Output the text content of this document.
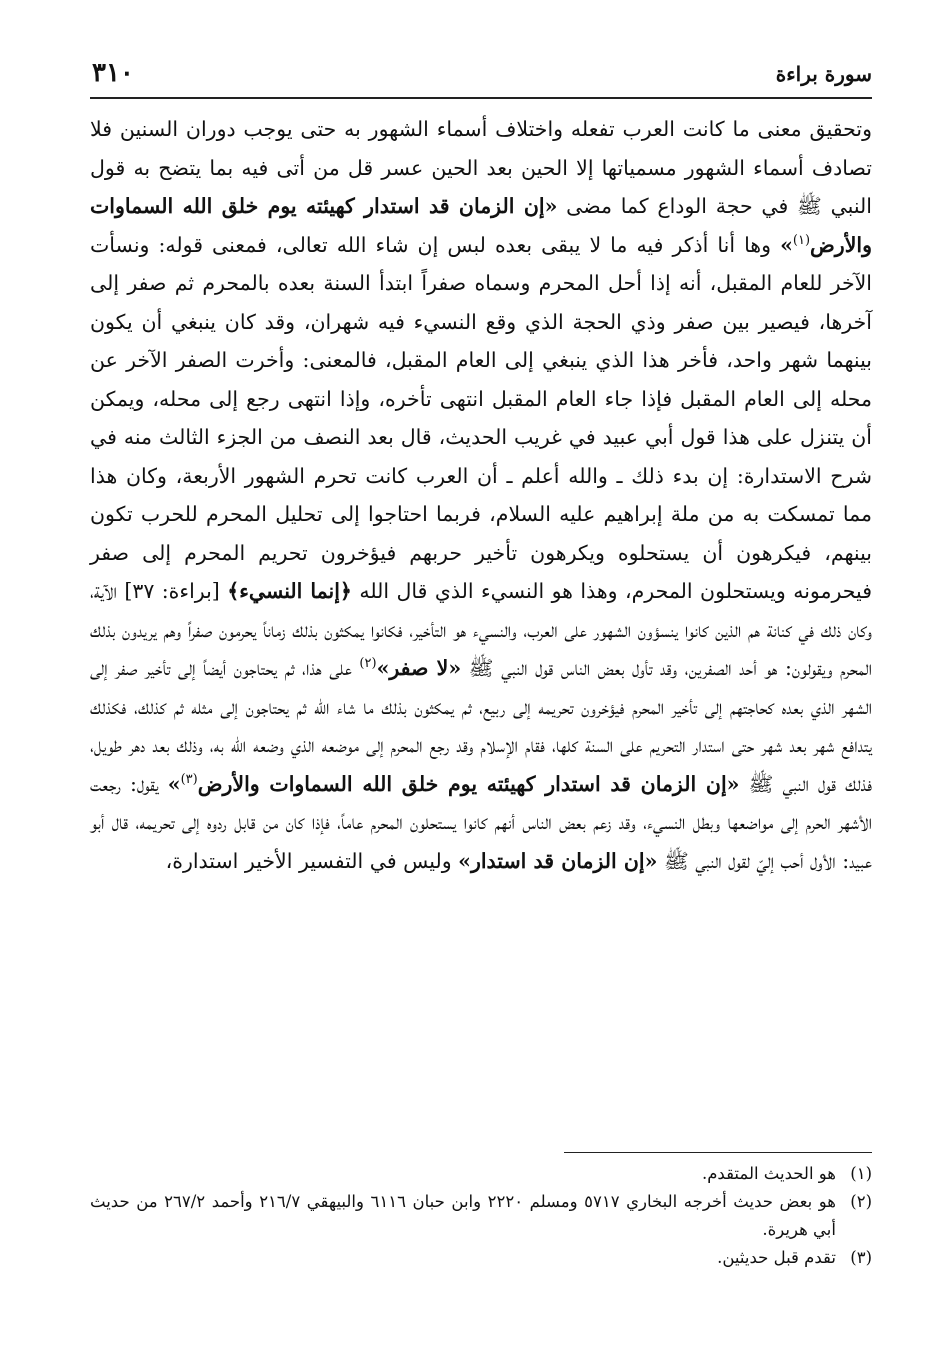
٣١٠	سورة براءة

وتحقيق معنى ما كانت العرب تفعله واختلاف أسماء الشهور به حتى يوجب دوران السنين فلا تصادف أسماء الشهور مسمياتها إلا الحين بعد الحين عسر قل من أتى فيه بما يتضح به قول النبي ﷺ في حجة الوداع كما مضى «إن الزمان قد استدار كهيئته يوم خلق الله السماوات والأرض$^{(١)}$» وها أنا أذكر فيه ما لا يبقى بعده لبس إن شاء الله تعالى، فمعنى قوله: ونسأت الآخر للعام المقبل، أنه إذا أحل المحرم وسماه صفراً ابتدأ السنة بعده بالمحرم ثم صفر إلى آخرها، فيصير بين صفر وذي الحجة الذي وقع النسيء فيه شهران، وقد كان ينبغي أن يكون بينهما شهر واحد، فأخر هذا الذي ينبغي إلى العام المقبل، فالمعنى: وأخرت الصفر الآخر عن محله إلى العام المقبل فإذا جاء العام المقبل انتهى تأخره، وإذا انتهى رجع إلى محله، ويمكن أن يتنزل على هذا قول أبي عبيد في غريب الحديث، قال بعد النصف من الجزء الثالث منه في شرح الاستدارة: إن بدء ذلك ـ والله أعلم ـ أن العرب كانت تحرم الشهور الأربعة، وكان هذا مما تمسكت به من ملة إبراهيم عليه السلام، فربما احتاجوا إلى تحليل المحرم للحرب تكون بينهم، فيكرهون أن يستحلوه ويكرهون تأخير حربهم فيؤخرون تحريم المحرم إلى صفر فيحرمونه ويستحلون المحرم، وهذا هو النسيء الذي قال الله ﴿إنما النسيء﴾ [براءة: ٣٧] الآية، وكان ذلك في كنانة هم الذين كانوا ينسؤون الشهور على العرب، والنسيء هو التأخير، فكانوا يمكثون بذلك زماناً يحرمون صفراً وهم يريدون بذلك المحرم ويقولون: هو أحد الصفرين، وقد تأول بعض الناس قول النبي ﷺ «لا صفر»$^{(٢)}$ على هذا، ثم يحتاجون أيضاً إلى تأخير صفر إلى الشهر الذي بعده كحاجتهم إلى تأخير المحرم فيؤخرون تحريمه إلى ربيع، ثم يمكثون بذلك ما شاء الله ثم يحتاجون إلى مثله ثم كذلك، فكذلك يتدافع شهر بعد شهر حتى استدار التحريم على السنة كلها، فقام الإسلام وقد رجع المحرم إلى موضعه الذي وضعه الله به، وذلك بعد دهر طويل، فذلك قول النبي ﷺ «إن الزمان قد استدار كهيئته يوم خلق الله السماوات والأرض$^{(٣)}$» يقول: رجعت الأشهر الحرم إلى مواضعها وبطل النسيء، وقد زعم بعض الناس أنهم كانوا يستحلون المحرم عاماً، فإذا كان من قابل ردوه إلى تحريمه، قال أبو عبيد: الأول أحب إليّ لقول النبي ﷺ «إن الزمان قد استدار» وليس في التفسير الأخير استدارة،

(١)
هو الحديث المتقدم.
(٢)
هو بعض حديث أخرجه البخاري ٥٧١٧ ومسلم ٢٢٢٠ وابن حبان ٦١١٦ والبيهقي ٢١٦/٧ وأحمد ٢٦٧/٢ من حديث أبي هريرة.
(٣)
تقدم قبل حديثين.
